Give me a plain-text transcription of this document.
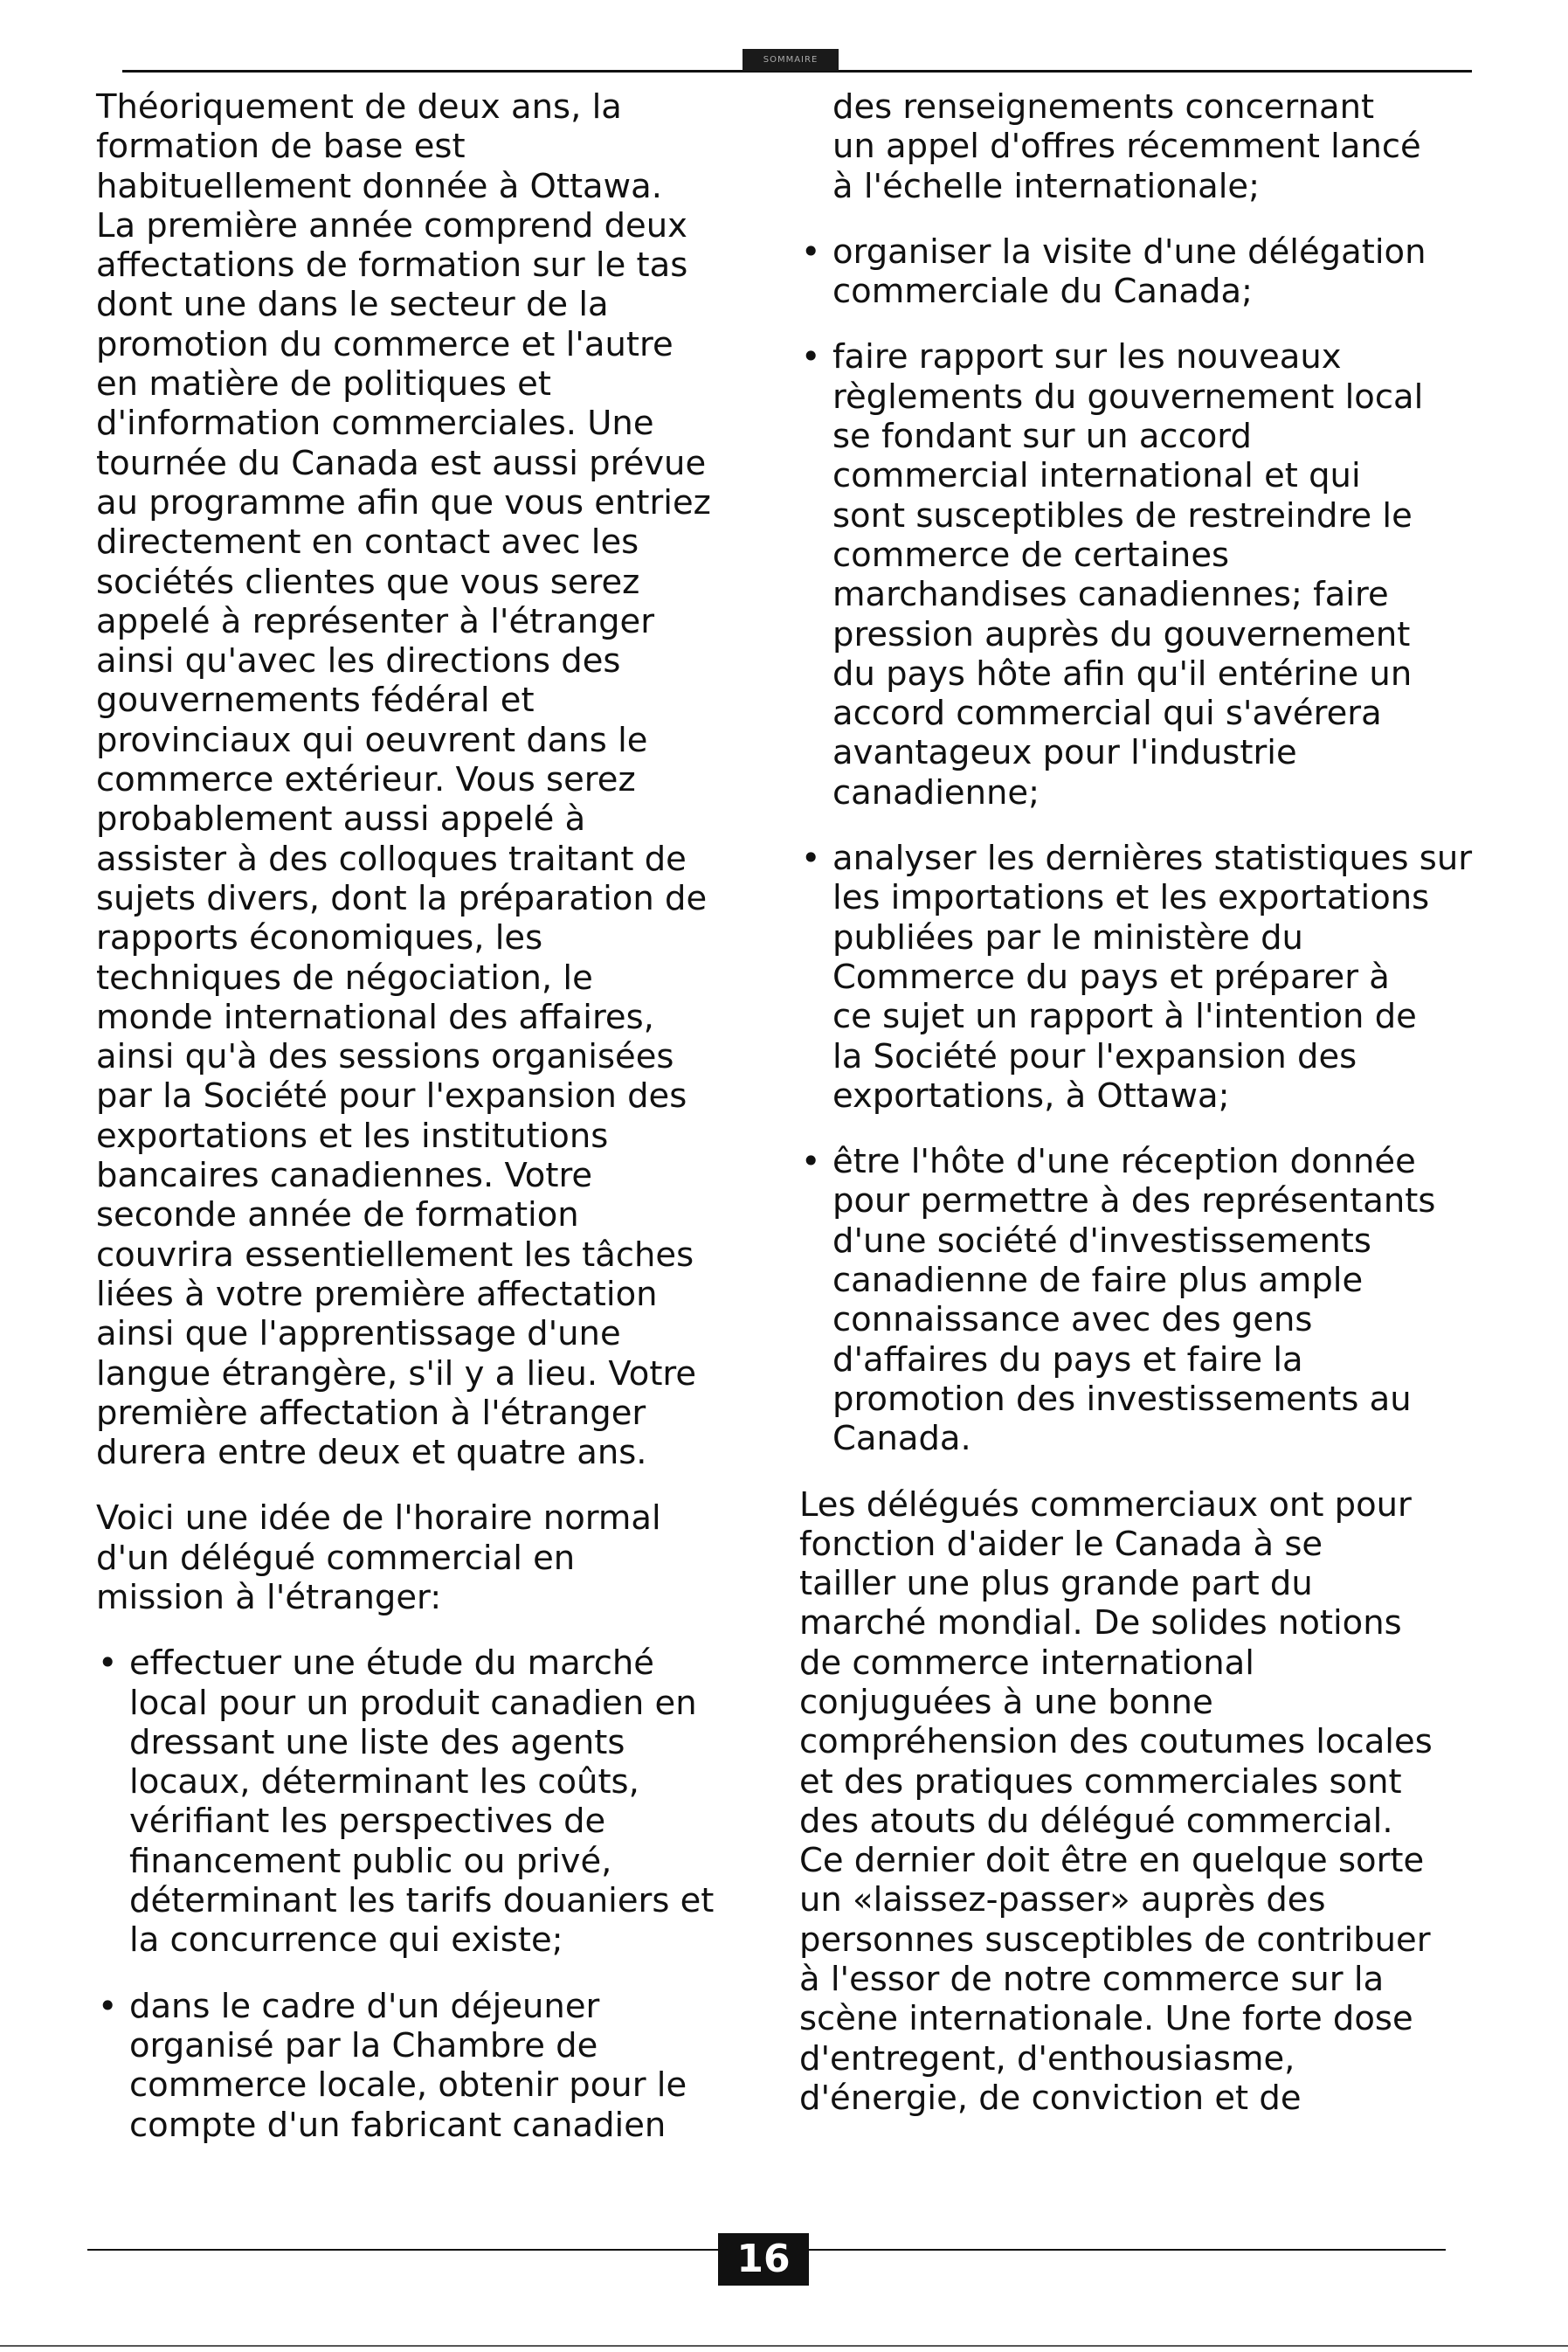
SOMMAIRE
Théoriquement de deux ans, la
formation de base est
habituellement donnée à Ottawa.
La première année comprend deux
affectations de formation sur le tas
dont une dans le secteur de la
promotion du commerce et l'autre
en matière de politiques et
d'information commerciales. Une
tournée du Canada est aussi prévue
au programme afin que vous entriez
directement en contact avec les
sociétés clientes que vous serez
appelé à représenter à l'étranger
ainsi qu'avec les directions des
gouvernements fédéral et
provinciaux qui oeuvrent dans le
commerce extérieur. Vous serez
probablement aussi appelé à
assister à des colloques traitant de
sujets divers, dont la préparation de
rapports économiques, les
techniques de négociation, le
monde international des affaires,
ainsi qu'à des sessions organisées
par la Société pour l'expansion des
exportations et les institutions
bancaires canadiennes. Votre
seconde année de formation
couvrira essentiellement les tâches
liées à votre première affectation
ainsi que l'apprentissage d'une
langue étrangère, s'il y a lieu. Votre
première affectation à l'étranger
durera entre deux et quatre ans.
Voici une idée de l'horaire normal
d'un délégué commercial en
mission à l'étranger:
• effectuer une étude du marché
local pour un produit canadien en
dressant une liste des agents
locaux, déterminant les coûts,
vérifiant les perspectives de
financement public ou privé,
déterminant les tarifs douaniers et
la concurrence qui existe;
• dans le cadre d'un déjeuner
organisé par la Chambre de
commerce locale, obtenir pour le
compte d'un fabricant canadien
des renseignements concernant
un appel d'offres récemment lancé
à l'échelle internationale;
• organiser la visite d'une délégation
commerciale du Canada;
• faire rapport sur les nouveaux
règlements du gouvernement local
se fondant sur un accord
commercial international et qui
sont susceptibles de restreindre le
commerce de certaines
marchandises canadiennes; faire
pression auprès du gouvernement
du pays hôte afin qu'il entérine un
accord commercial qui s'avérera
avantageux pour l'industrie
canadienne;
• analyser les dernières statistiques sur
les importations et les exportations
publiées par le ministère du
Commerce du pays et préparer à
ce sujet un rapport à l'intention de
la Société pour l'expansion des
exportations, à Ottawa;
• être l'hôte d'une réception donnée
pour permettre à des représentants
d'une société d'investissements
canadienne de faire plus ample
connaissance avec des gens
d'affaires du pays et faire la
promotion des investissements au
Canada.
Les délégués commerciaux ont pour
fonction d'aider le Canada à se
tailler une plus grande part du
marché mondial. De solides notions
de commerce international
conjuguées à une bonne
compréhension des coutumes locales
et des pratiques commerciales sont
des atouts du délégué commercial.
Ce dernier doit être en quelque sorte
un «laissez-passer» auprès des
personnes susceptibles de contribuer
à l'essor de notre commerce sur la
scène internationale. Une forte dose
d'entregent, d'enthousiasme,
d'énergie, de conviction et de
16
